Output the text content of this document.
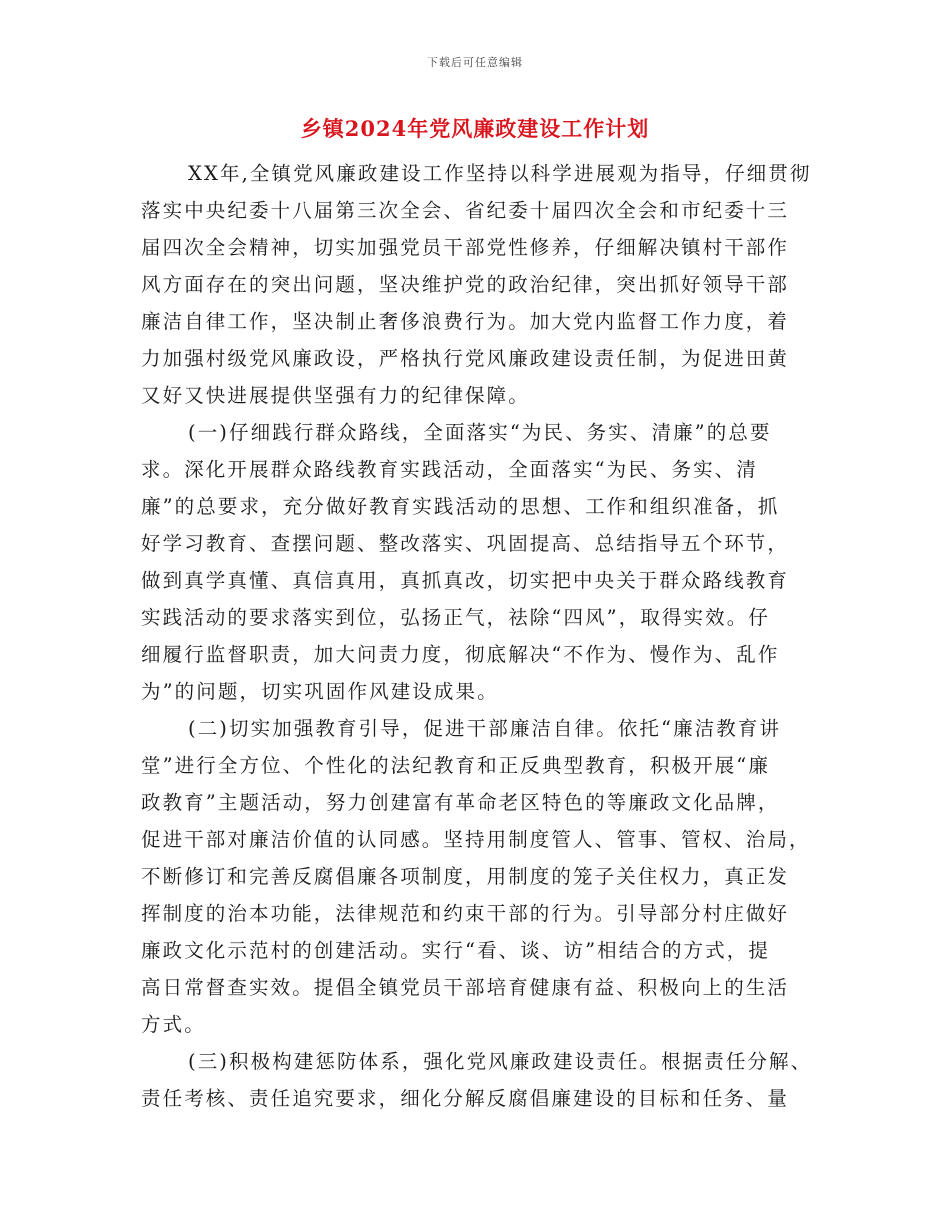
下载后可任意编辑
乡镇2024年党风廉政建设工作计划
XX年,全镇党风廉政建设工作坚持以科学进展观为指导，仔细贯彻
落实中央纪委十八届第三次全会、省纪委十届四次全会和市纪委十三
届四次全会精神，切实加强党员干部党性修养，仔细解决镇村干部作
风方面存在的突出问题，坚决维护党的政治纪律，突出抓好领导干部
廉洁自律工作，坚决制止奢侈浪费行为。加大党内监督工作力度，着
力加强村级党风廉政设，严格执行党风廉政建设责任制，为促进田黄
又好又快进展提供坚强有力的纪律保障。
(一)仔细践行群众路线，全面落实“为民、务实、清廉”的总要
求。深化开展群众路线教育实践活动，全面落实“为民、务实、清
廉”的总要求，充分做好教育实践活动的思想、工作和组织准备，抓
好学习教育、查摆问题、整改落实、巩固提高、总结指导五个环节，
做到真学真懂、真信真用，真抓真改，切实把中央关于群众路线教育
实践活动的要求落实到位，弘扬正气，祛除“四风”，取得实效。仔
细履行监督职责，加大问责力度，彻底解决“不作为、慢作为、乱作
为”的问题，切实巩固作风建设成果。
(二)切实加强教育引导，促进干部廉洁自律。依托“廉洁教育讲
堂”进行全方位、个性化的法纪教育和正反典型教育，积极开展“廉
政教育”主题活动，努力创建富有革命老区特色的等廉政文化品牌，
促进干部对廉洁价值的认同感。坚持用制度管人、管事、管权、治局，
不断修订和完善反腐倡廉各项制度，用制度的笼子关住权力，真正发
挥制度的治本功能，法律规范和约束干部的行为。引导部分村庄做好
廉政文化示范村的创建活动。实行“看、谈、访”相结合的方式，提
高日常督查实效。提倡全镇党员干部培育健康有益、积极向上的生活
方式。
(三)积极构建惩防体系，强化党风廉政建设责任。根据责任分解、
责任考核、责任追究要求，细化分解反腐倡廉建设的目标和任务、量
